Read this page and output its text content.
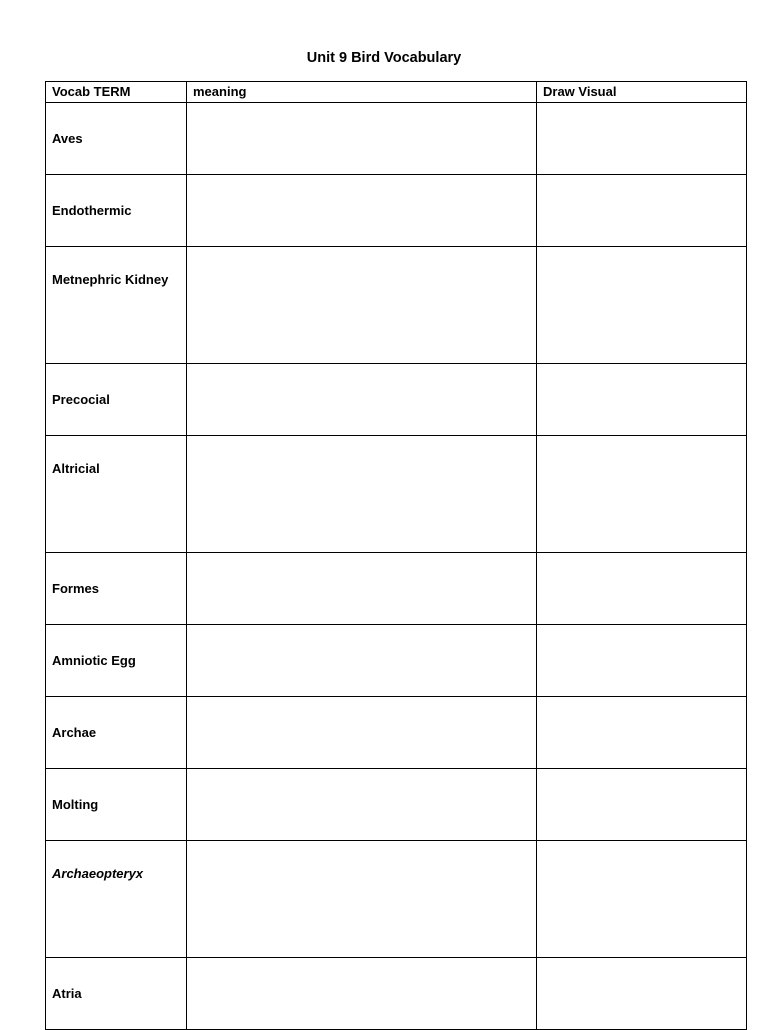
Unit 9 Bird Vocabulary
Vocab TERM	meaning	Draw Visual
Aves		
Endothermic		
Metnephric Kidney		
Precocial		
Altricial		
Formes		
Amniotic Egg		
Archae		
Molting		
Archaeopteryx		
Atria		
